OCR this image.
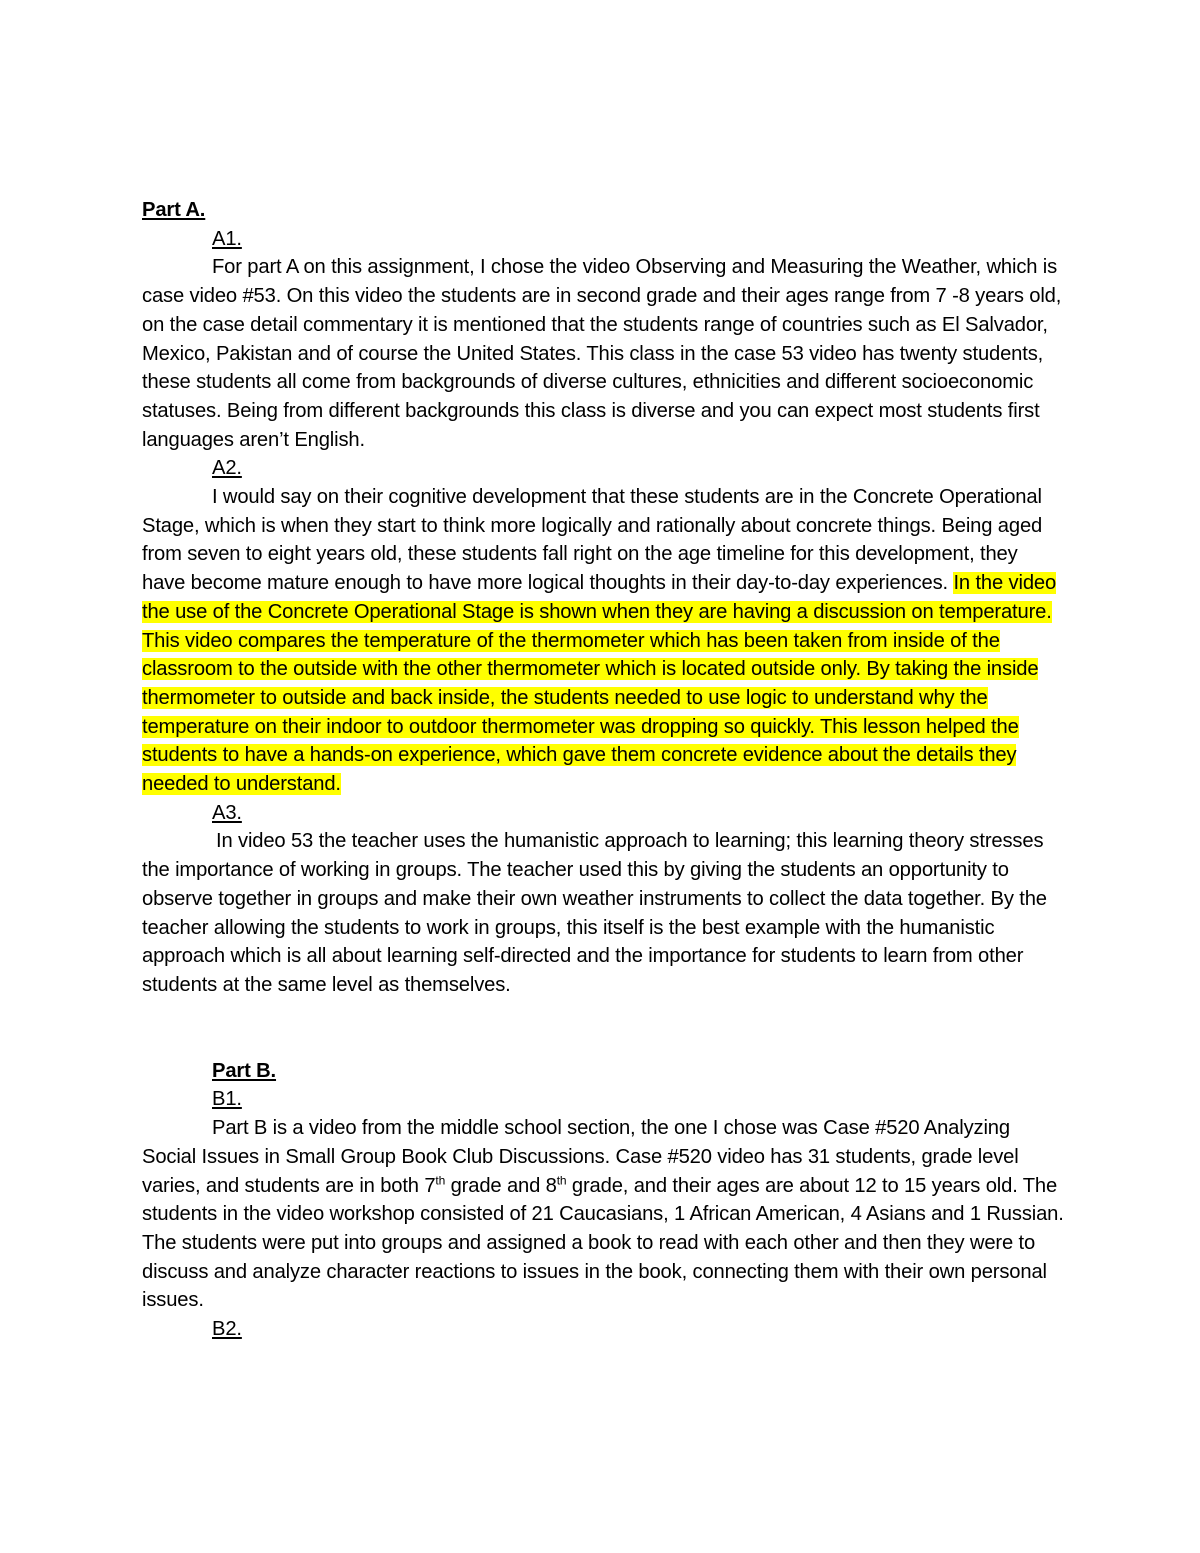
Part A.
A1.

For part A on this assignment, I chose the video Observing and Measuring the Weather, which is case video #53. On this video the students are in second grade and their ages range from 7 -8 years old, on the case detail commentary it is mentioned that the students range of countries such as El Salvador, Mexico, Pakistan and of course the United States. This class in the case 53 video has twenty students, these students all come from backgrounds of diverse cultures, ethnicities and different socioeconomic statuses. Being from different backgrounds this class is diverse and you can expect most students first languages aren’t English.

A2.

I would say on their cognitive development that these students are in the Concrete Operational Stage, which is when they start to think more logically and rationally about concrete things. Being aged from seven to eight years old, these students fall right on the age timeline for this development, they have become mature enough to have more logical thoughts in their day-to-day experiences. In the video the use of the Concrete Operational Stage is shown when they are having a discussion on temperature. This video compares the temperature of the thermometer which has been taken from inside of the classroom to the outside with the other thermometer which is located outside only. By taking the inside thermometer to outside and back inside, the students needed to use logic to understand why the temperature on their indoor to outdoor thermometer was dropping so quickly. This lesson helped the students to have a hands-on experience, which gave them concrete evidence about the details they needed to understand.

A3.

In video 53 the teacher uses the humanistic approach to learning; this learning theory stresses the importance of working in groups. The teacher used this by giving the students an opportunity to observe together in groups and make their own weather instruments to collect the data together. By the teacher allowing the students to work in groups, this itself is the best example with the humanistic approach which is all about learning self-directed and the importance for students to learn from other students at the same level as themselves.

Part B.
B1.

Part B is a video from the middle school section, the one I chose was Case #520 Analyzing Social Issues in Small Group Book Club Discussions. Case #520 video has 31 students, grade level varies, and students are in both 7th grade and 8th grade, and their ages are about 12 to 15 years old. The students in the video workshop consisted of 21 Caucasians, 1 African American, 4 Asians and 1 Russian. The students were put into groups and assigned a book to read with each other and then they were to discuss and analyze character reactions to issues in the book, connecting them with their own personal issues.

B2.
